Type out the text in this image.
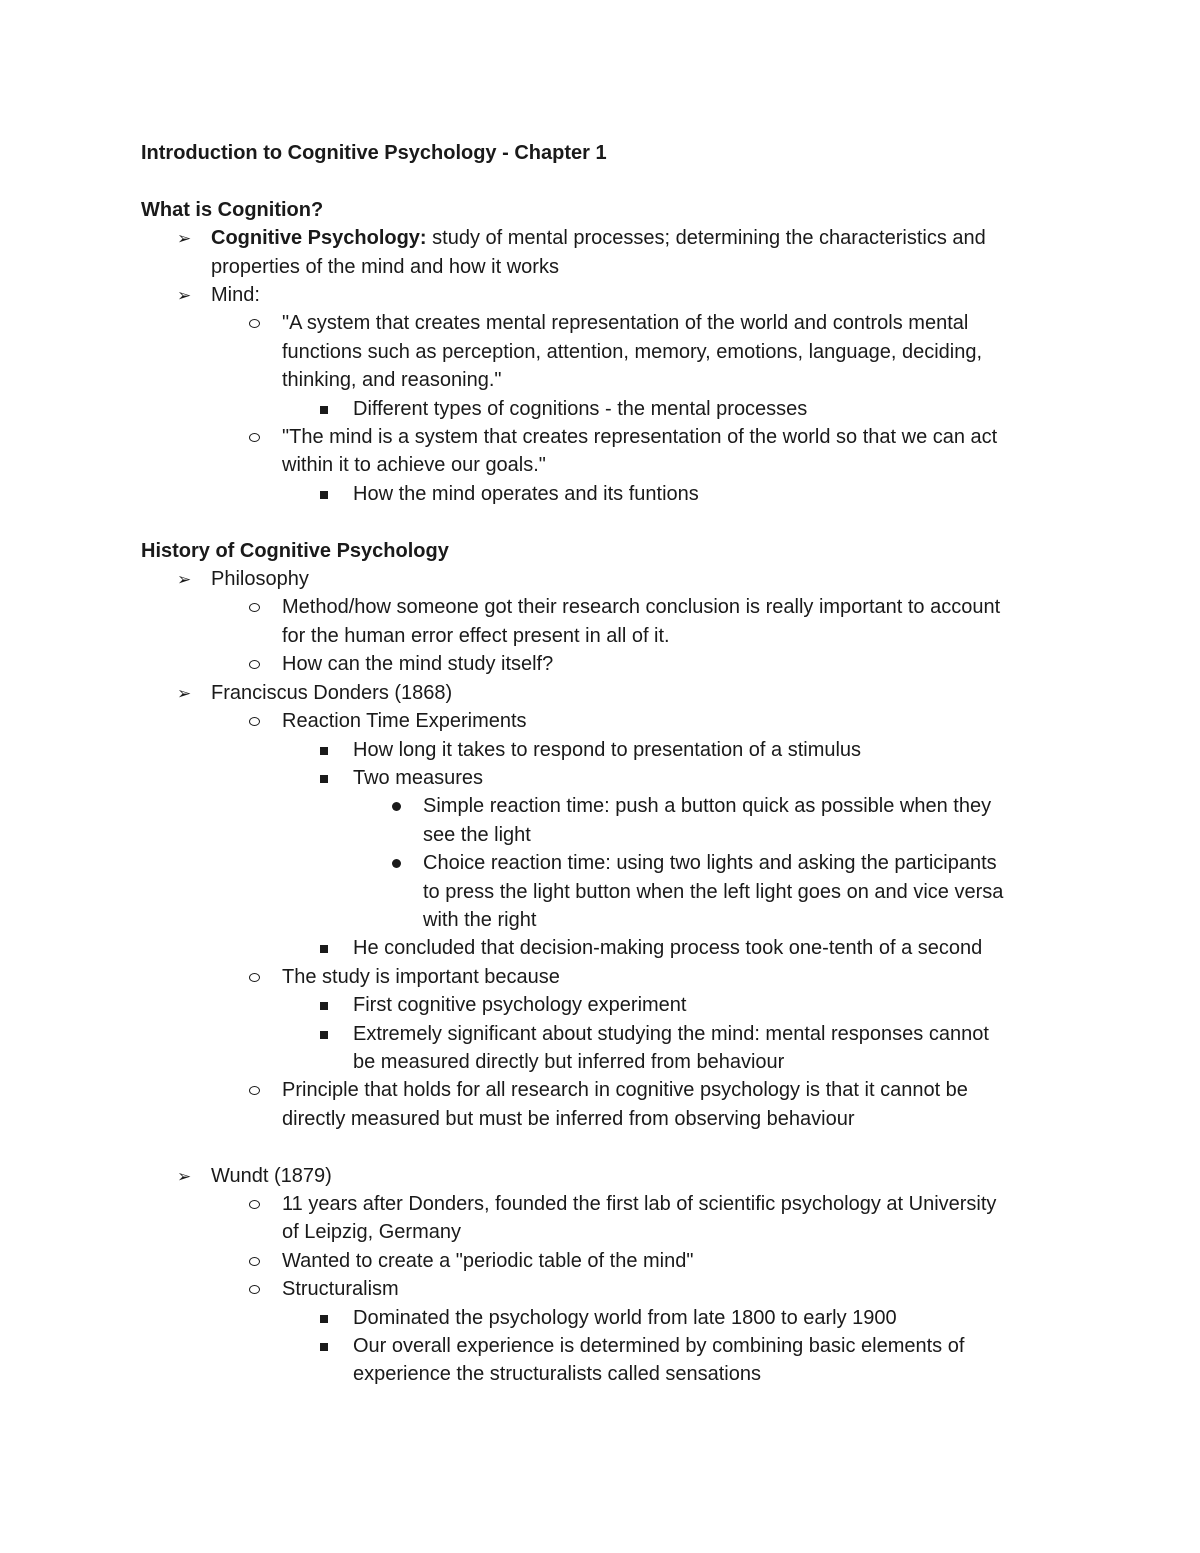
Introduction to Cognitive Psychology - Chapter 1
What is Cognition?
➢
Cognitive Psychology: study of mental processes; determining the characteristics and
properties of the mind and how it works
➢
Mind:
"A system that creates mental representation of the world and controls mental
functions such as perception, attention, memory, emotions, language, deciding,
thinking, and reasoning."
Different types of cognitions - the mental processes
"The mind is a system that creates representation of the world so that we can act
within it to achieve our goals."
How the mind operates and its funtions
History of Cognitive Psychology
➢
Philosophy
Method/how someone got their research conclusion is really important to account
for the human error effect present in all of it.
How can the mind study itself?
➢
Franciscus Donders (1868)
Reaction Time Experiments
How long it takes to respond to presentation of a stimulus
Two measures
Simple reaction time: push a button quick as possible when they
see the light
Choice reaction time: using two lights and asking the participants
to press the light button when the left light goes on and vice versa
with the right
He concluded that decision-making process took one-tenth of a second
The study is important because
First cognitive psychology experiment
Extremely significant about studying the mind: mental responses cannot
be measured directly but inferred from behaviour
Principle that holds for all research in cognitive psychology is that it cannot be
directly measured but must be inferred from observing behaviour
➢
Wundt (1879)
11 years after Donders, founded the first lab of scientific psychology at University
of Leipzig, Germany
Wanted to create a "periodic table of the mind"
Structuralism
Dominated the psychology world from late 1800 to early 1900
Our overall experience is determined by combining basic elements of
experience the structuralists called sensations
